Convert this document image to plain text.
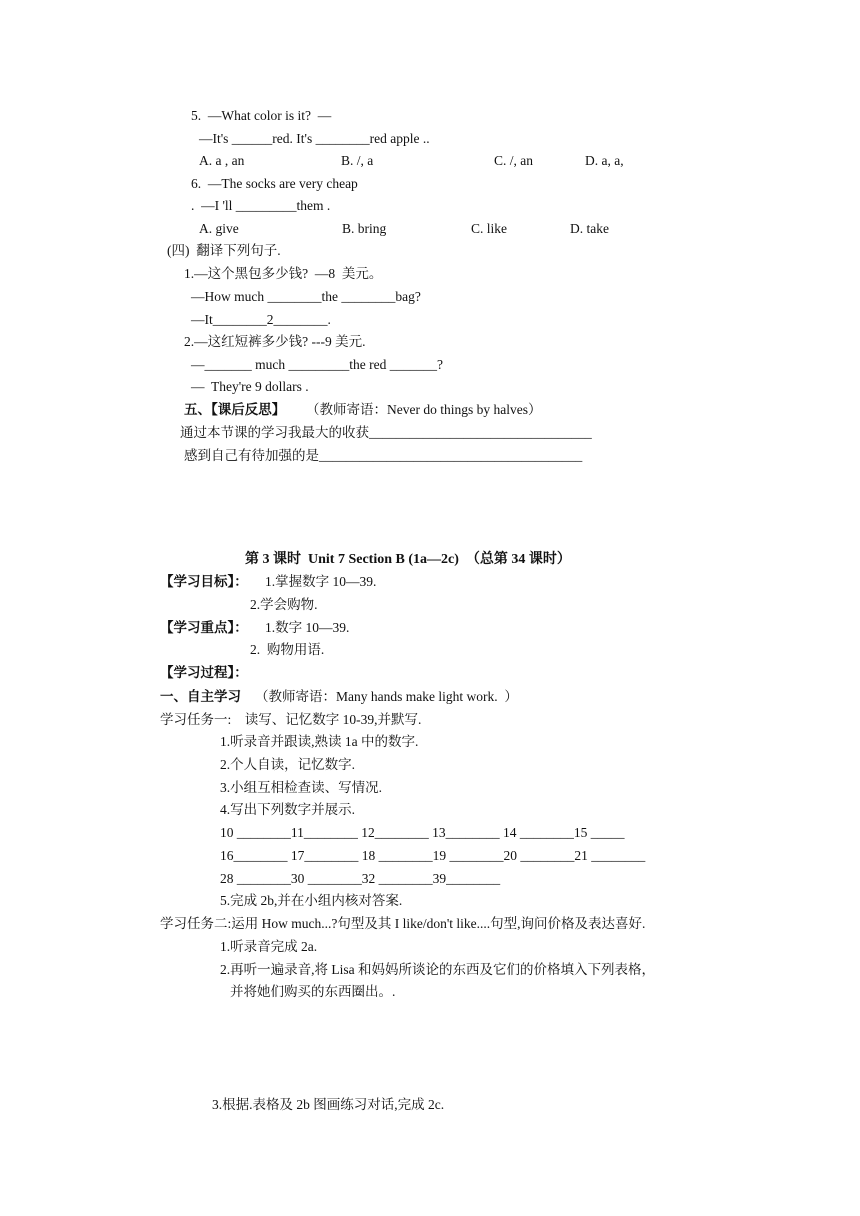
5.  —What color is it?  —
—It's ______red. It's ________red apple ..
A. a , an	B. /, a	C. /, an	D. a, a,
6.  —The socks are very cheap
.  —I 'll _________them .
A. give	B. bring	C. like	D. take
(四)  翻译下列句子.
1.—这个黑包多少钱?  —8  美元。
—How much ________the ________bag?
—It________2________.
2.—这红短裤多少钱? ---9 美元.
—_______ much _________the red _______?
—  They're 9 dollars .
五、【课后反思】 （教师寄语：Never do things by halves）
通过本节课的学习我最大的收获_________________________________
感到自己有待加强的是_______________________________________
第 3 课时  Unit 7 Section B (1a—2c)  （总第 34 课时）
【学习目标】： 1.掌握数字 10—39.
2.学会购物.
【学习重点】： 1.数字 10—39.
2.  购物用语.
【学习过程】：
一、自主学习 （教师寄语：Many hands make light work.  ）
学习任务一:    读写、记忆数字 10-39,并默写.
1.听录音并跟读,熟读 1a 中的数字.
2.个人自读，记忆数字.
3.小组互相检查读、写情况.
4.写出下列数字并展示.
10 ________11________ 12________ 13________ 14 ________15 _____
16________ 17________ 18 ________19 ________20 ________21 ________
28 ________30 ________32 ________39________
5.完成 2b,并在小组内核对答案.
学习任务二:运用 How much...?句型及其 I like/don't like....句型,询问价格及表达喜好.
1.听录音完成 2a.
2.再听一遍录音,将 Lisa 和妈妈所谈论的东西及它们的价格填入下列表格，
并将她们购买的东西圈出。.
3.根据.表格及 2b 图画练习对话,完成 2c.
